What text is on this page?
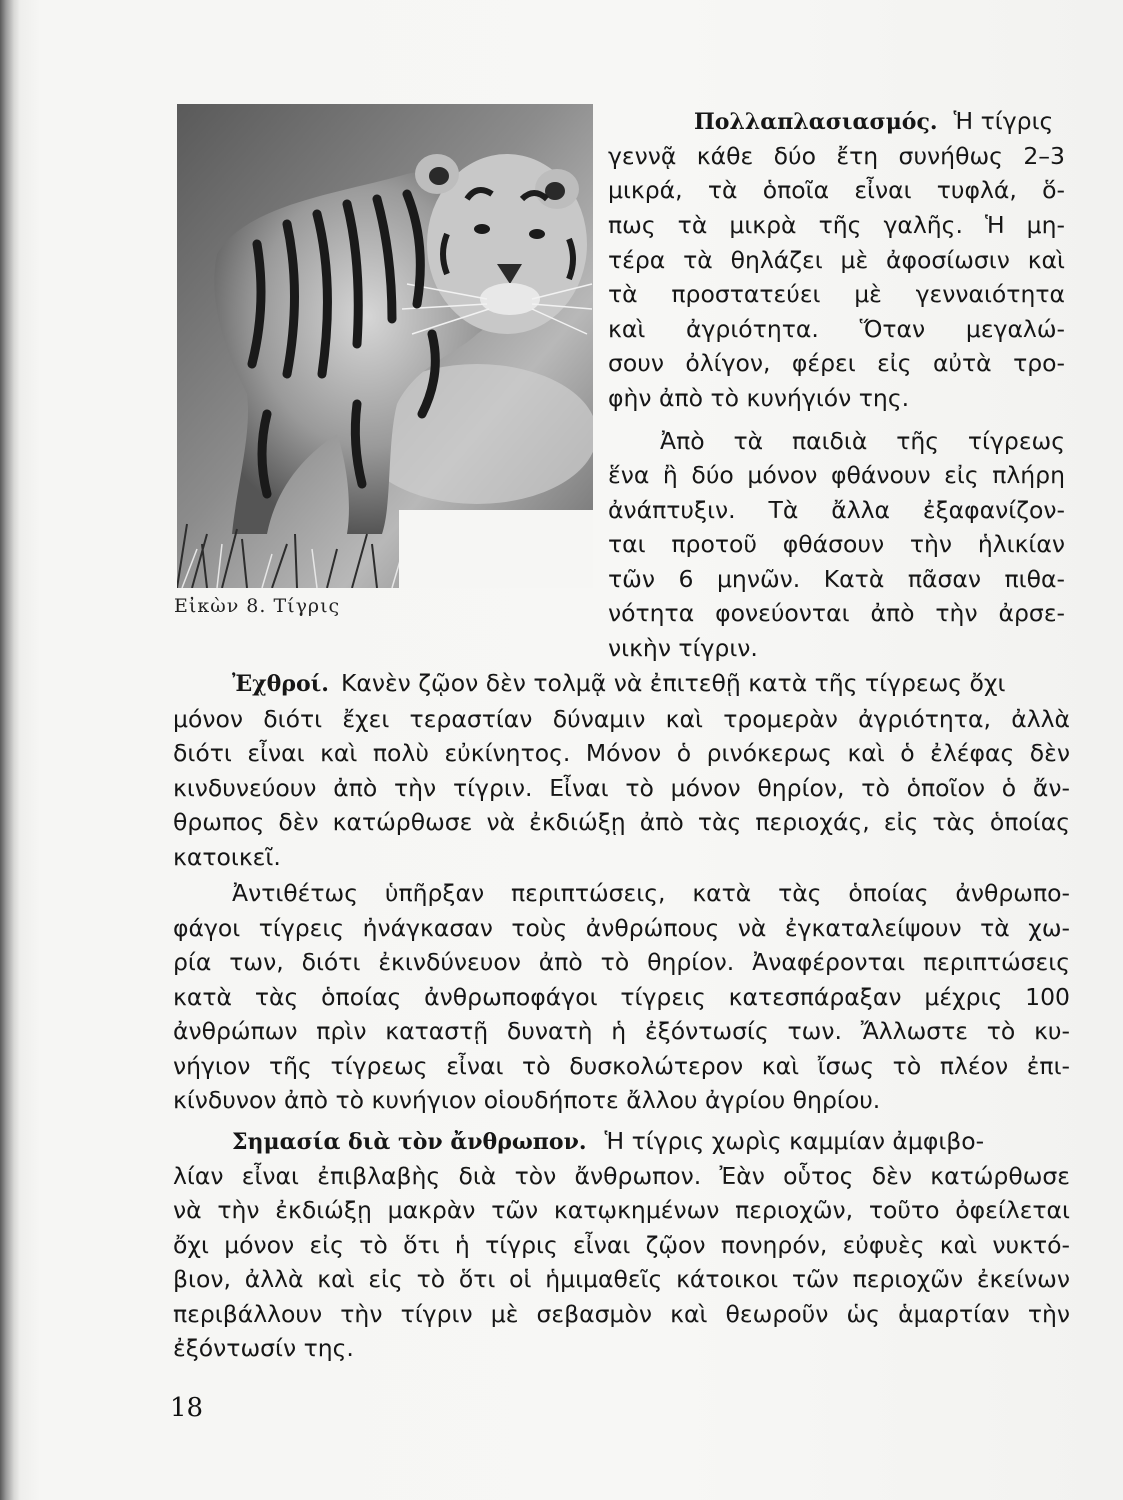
Εἰκὼν 8. Τίγρις
Πολλαπλασιασμός. Ἡ τίγρις
γεννᾷ κάθε δύο ἔτη συνήθως 2–3
μικρά, τὰ ὁποῖα εἶναι τυφλά, ὅ-
πως τὰ μικρὰ τῆς γαλῆς. Ἡ μη-
τέρα τὰ θηλάζει μὲ ἀφοσίωσιν καὶ
τὰ προστατεύει μὲ γενναιότητα
καὶ ἀγριότητα. Ὅταν μεγαλώ-
σουν ὀλίγον, φέρει εἰς αὐτὰ τρο-
φὴν ἀπὸ τὸ κυνήγιόν της.
Ἀπὸ τὰ παιδιὰ τῆς τίγρεως
ἕνα ἢ δύο μόνον φθάνουν εἰς πλήρη
ἀνάπτυξιν. Τὰ ἄλλα ἐξαφανίζον-
ται προτοῦ φθάσουν τὴν ἡλικίαν
τῶν 6 μηνῶν. Κατὰ πᾶσαν πιθα-
νότητα φονεύονται ἀπὸ τὴν ἀρσε-
νικὴν τίγριν.
Ἐχθροί. Κανὲν ζῷον δὲν τολμᾷ νὰ ἐπιτεθῇ κατὰ τῆς τίγρεως ὄχι
μόνον διότι ἔχει τεραστίαν δύναμιν καὶ τρομερὰν ἀγριότητα, ἀλλὰ
διότι εἶναι καὶ πολὺ εὐκίνητος. Μόνον ὁ ρινόκερως καὶ ὁ ἐλέφας δὲν
κινδυνεύουν ἀπὸ τὴν τίγριν. Εἶναι τὸ μόνον θηρίον, τὸ ὁποῖον ὁ ἄν-
θρωπος δὲν κατώρθωσε νὰ ἐκδιώξῃ ἀπὸ τὰς περιοχάς, εἰς τὰς ὁποίας
κατοικεῖ.
Ἀντιθέτως ὑπῆρξαν περιπτώσεις, κατὰ τὰς ὁποίας ἀνθρωπο-
φάγοι τίγρεις ἠνάγκασαν τοὺς ἀνθρώπους νὰ ἐγκαταλείψουν τὰ χω-
ρία των, διότι ἐκινδύνευον ἀπὸ τὸ θηρίον. Ἀναφέρονται περιπτώσεις
κατὰ τὰς ὁποίας ἀνθρωποφάγοι τίγρεις κατεσπάραξαν μέχρις 100
ἀνθρώπων πρὶν καταστῇ δυνατὴ ἡ ἐξόντωσίς των. Ἄλλωστε τὸ κυ-
νήγιον τῆς τίγρεως εἶναι τὸ δυσκολώτερον καὶ ἴσως τὸ πλέον ἐπι-
κίνδυνον ἀπὸ τὸ κυνήγιον οἱουδήποτε ἄλλου ἀγρίου θηρίου.
Σημασία διὰ τὸν ἄνθρωπον. Ἡ τίγρις χωρὶς καμμίαν ἀμφιβο-
λίαν εἶναι ἐπιβλαβὴς διὰ τὸν ἄνθρωπον. Ἐὰν οὗτος δὲν κατώρθωσε
νὰ τὴν ἐκδιώξῃ μακρὰν τῶν κατῳκημένων περιοχῶν, τοῦτο ὀφείλεται
ὄχι μόνον εἰς τὸ ὅτι ἡ τίγρις εἶναι ζῷον πονηρόν, εὐφυὲς καὶ νυκτό-
βιον, ἀλλὰ καὶ εἰς τὸ ὅτι οἱ ἡμιμαθεῖς κάτοικοι τῶν περιοχῶν ἐκείνων
περιβάλλουν τὴν τίγριν μὲ σεβασμὸν καὶ θεωροῦν ὡς ἁμαρτίαν τὴν
ἐξόντωσίν της.
18
